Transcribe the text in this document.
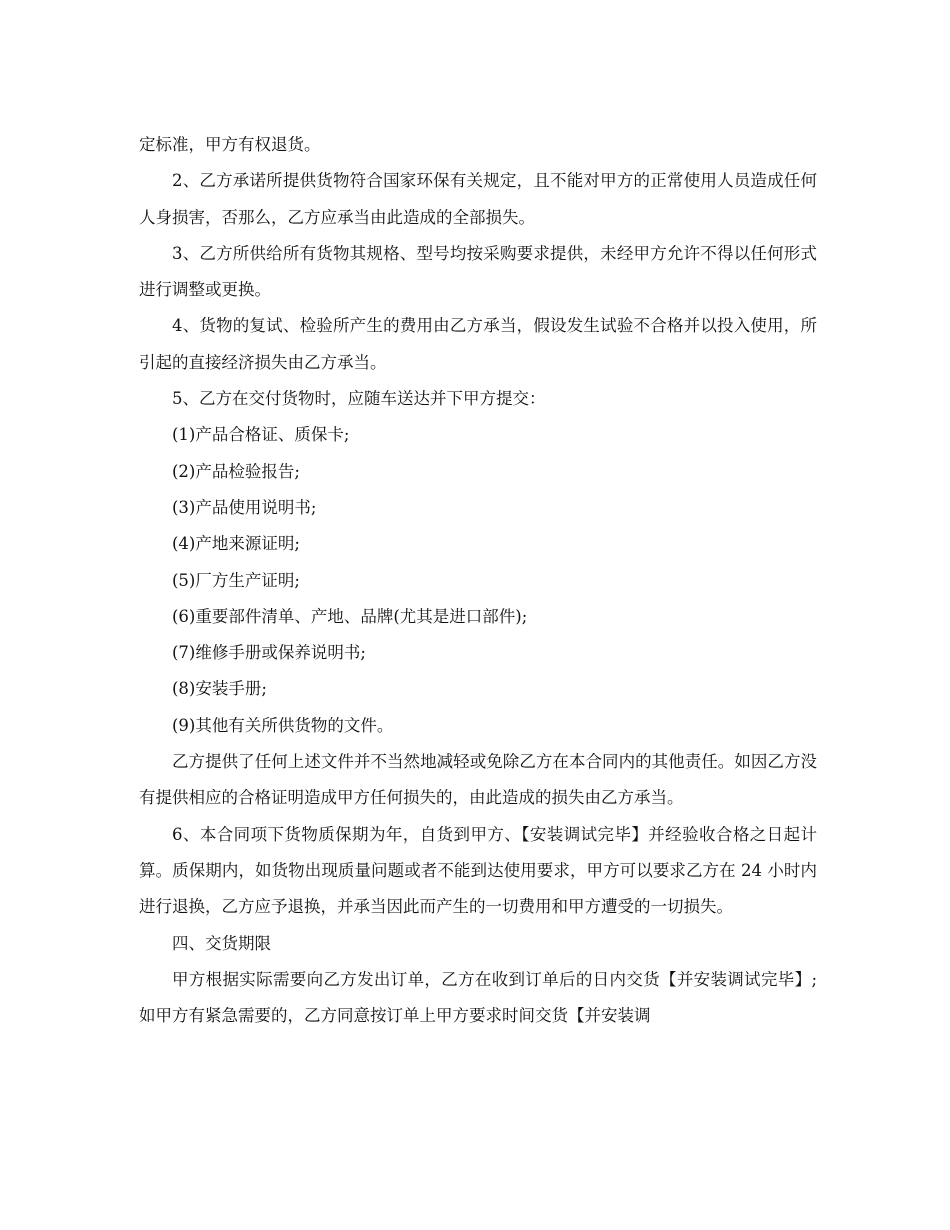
定标准，甲方有权退货。

2、乙方承诺所提供货物符合国家环保有关规定，且不能对甲方的正常使用人员造成任何人身损害，否那么，乙方应承当由此造成的全部损失。

3、乙方所供给所有货物其规格、型号均按采购要求提供，未经甲方允许不得以任何形式进行调整或更换。

4、货物的复试、检验所产生的费用由乙方承当，假设发生试验不合格并以投入使用，所引起的直接经济损失由乙方承当。

5、乙方在交付货物时，应随车送达并下甲方提交：

(1)产品合格证、质保卡;

(2)产品检验报告;

(3)产品使用说明书;

(4)产地来源证明;

(5)厂方生产证明;

(6)重要部件清单、产地、品牌(尤其是进口部件);

(7)维修手册或保养说明书;

(8)安装手册;

(9)其他有关所供货物的文件。

乙方提供了任何上述文件并不当然地减轻或免除乙方在本合同内的其他责任。如因乙方没有提供相应的合格证明造成甲方任何损失的，由此造成的损失由乙方承当。

6、本合同项下货物质保期为年，自货到甲方、【安装调试完毕】并经验收合格之日起计算。质保期内，如货物出现质量问题或者不能到达使用要求，甲方可以要求乙方在 24 小时内进行退换，乙方应予退换，并承当因此而产生的一切费用和甲方遭受的一切损失。

四、交货期限

甲方根据实际需要向乙方发出订单，乙方在收到订单后的日内交货【并安装调试完毕】;如甲方有紧急需要的，乙方同意按订单上甲方要求时间交货【并安装调
